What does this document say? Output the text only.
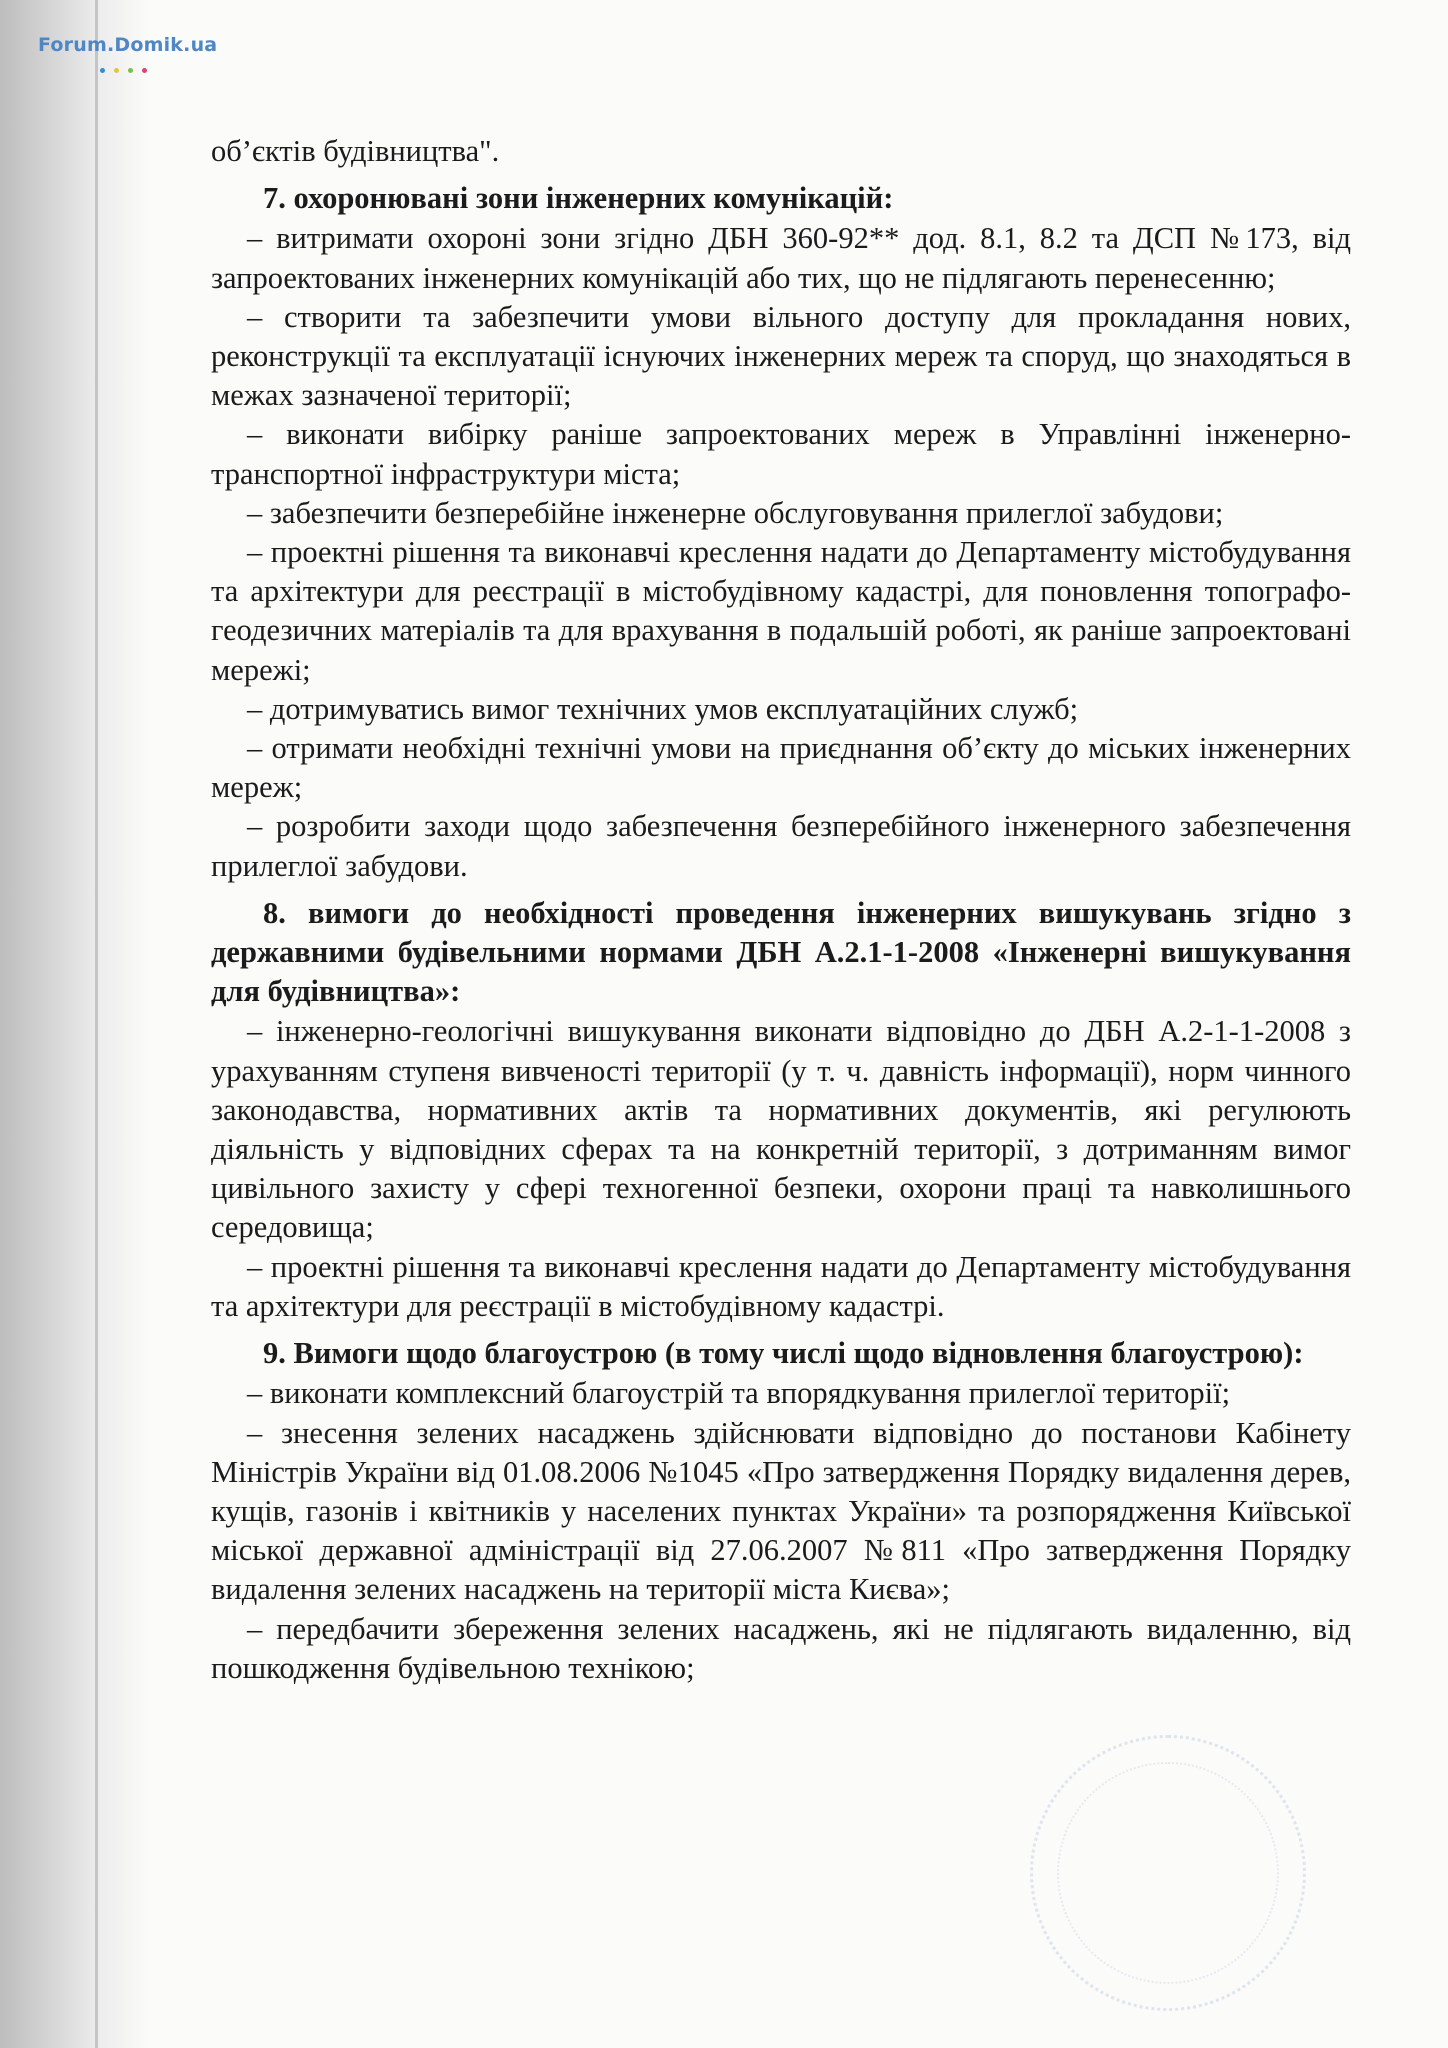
Forum.Domik.ua

об’єктів будівництва".

7. охоронювані зони інженерних комунікацій:

– витримати охороні зони згідно ДБН 360-92** дод. 8.1, 8.2 та ДСП №173, від запроектованих інженерних комунікацій або тих, що не підлягають перенесенню;

– створити та забезпечити умови вільного доступу для прокладання нових, реконструкції та експлуатації існуючих інженерних мереж та споруд, що знаходяться в межах зазначеної території;

– виконати вибірку раніше запроектованих мереж в Управлінні інженерно-транспортної інфраструктури міста;

– забезпечити безперебійне інженерне обслуговування прилеглої забудови;

– проектні рішення та виконавчі креслення надати до Департаменту містобудування та архітектури для реєстрації в містобудівному кадастрі, для поновлення топографо-геодезичних матеріалів та для врахування в подальшій роботі, як раніше запроектовані мережі;

– дотримуватись вимог технічних умов експлуатаційних служб;

– отримати необхідні технічні умови на приєднання об’єкту до міських інженерних мереж;

– розробити заходи щодо забезпечення безперебійного інженерного забезпечення прилеглої забудови.

8. вимоги до необхідності проведення інженерних вишукувань згідно з державними будівельними нормами ДБН А.2.1-1-2008 «Інженерні вишукування для будівництва»:

– інженерно-геологічні вишукування виконати відповідно до ДБН А.2-1-1-2008 з урахуванням ступеня вивченості території (у т. ч. давність інформації), норм чинного законодавства, нормативних актів та нормативних документів, які регулюють діяльність у відповідних сферах та на конкретній території, з дотриманням вимог цивільного захисту у сфері техногенної безпеки, охорони праці та навколишнього середовища;

– проектні рішення та виконавчі креслення надати до Департаменту містобудування та архітектури для реєстрації в містобудівному кадастрі.

9. Вимоги щодо благоустрою (в тому числі щодо відновлення благоустрою):

– виконати комплексний благоустрій та впорядкування прилеглої території;

– знесення зелених насаджень здійснювати відповідно до постанови Кабінету Міністрів України від 01.08.2006 №1045 «Про затвердження Порядку видалення дерев, кущів, газонів і квітників у населених пунктах України» та розпорядження Київської міської державної адміністрації від 27.06.2007 №811 «Про затвердження Порядку видалення зелених насаджень на території міста Києва»;

– передбачити збереження зелених насаджень, які не підлягають видаленню, від пошкодження будівельною технікою;
